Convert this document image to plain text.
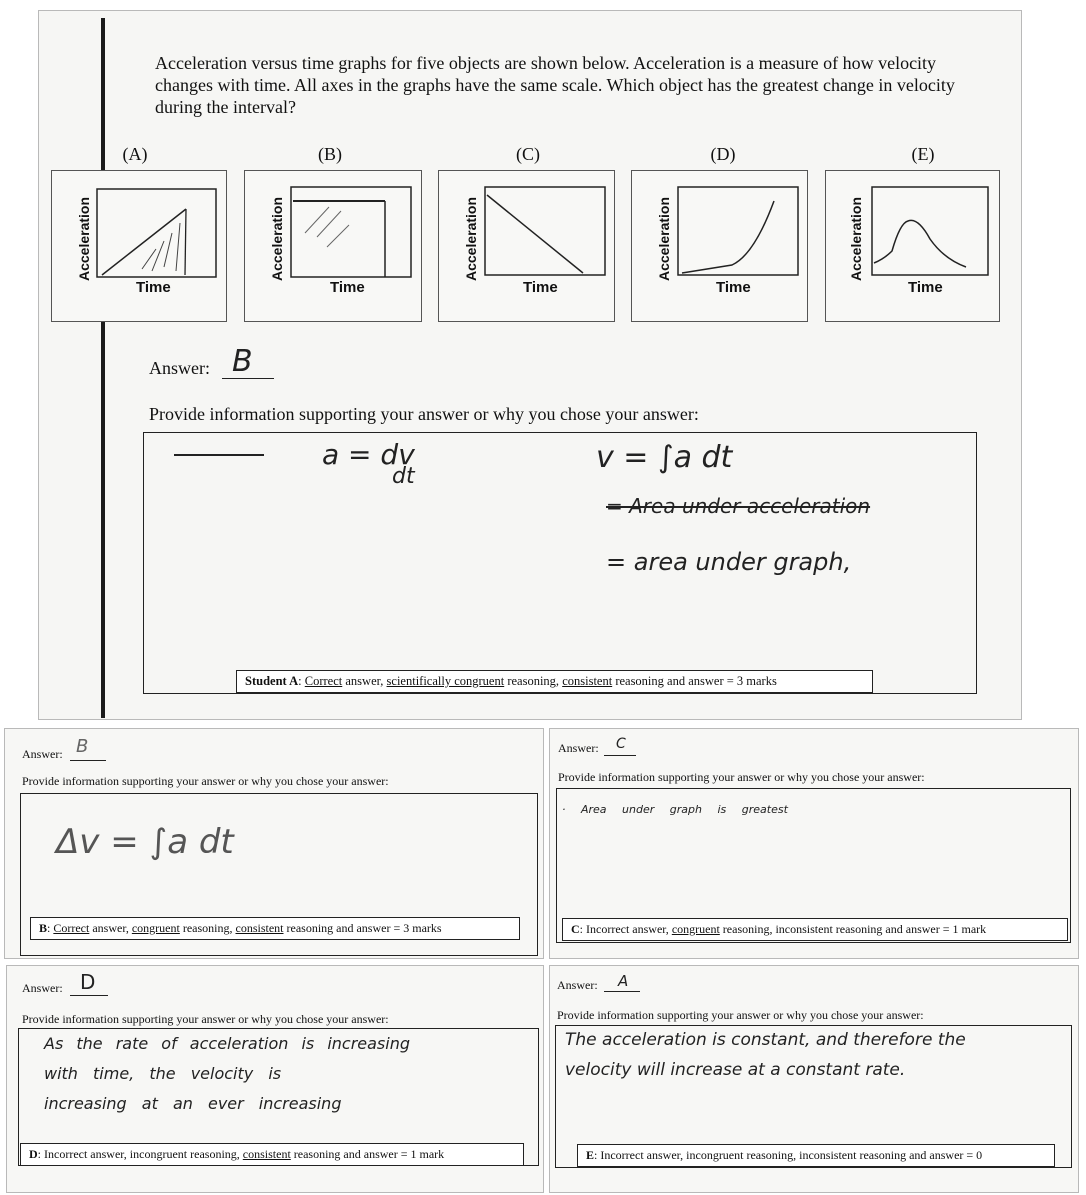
Acceleration versus time graphs for five objects are shown below. Acceleration is a measure of how velocity changes with time. All axes in the graphs have the same scale. Which object has the greatest change in velocity during the interval?
(A)	(B)	(C)	(D)	(E)
Acceleration
Time
Acceleration
Time
Acceleration
Time
Acceleration
Time
Acceleration
Time
Answer: B
Provide information supporting your answer or why you chose your answer:
a = dv
dt
v = ∫a dt
= Area under acceleration
= area under graph,
Student A: Correct answer, scientifically congruent reasoning, consistent reasoning and answer = 3 marks
Answer: B
Provide information supporting your answer or why you chose your answer:
Δv = ∫a dt
B: Correct answer, congruent reasoning, consistent reasoning and answer = 3 marks
Answer: C
Provide information supporting your answer or why you chose your answer:
· Area under graph is greatest
C: Incorrect answer, congruent reasoning, inconsistent reasoning and answer = 1 mark
Answer: D
Provide information supporting your answer or why you chose your answer:
As the rate of acceleration is increasing
with time, the velocity is
increasing at an ever increasing
D: Incorrect answer, incongruent reasoning, consistent reasoning and answer = 1 mark
Answer: A
Provide information supporting your answer or why you chose your answer:
The acceleration is constant, and therefore the
velocity will increase at a constant rate.
E: Incorrect answer, incongruent reasoning, inconsistent reasoning and answer = 0
